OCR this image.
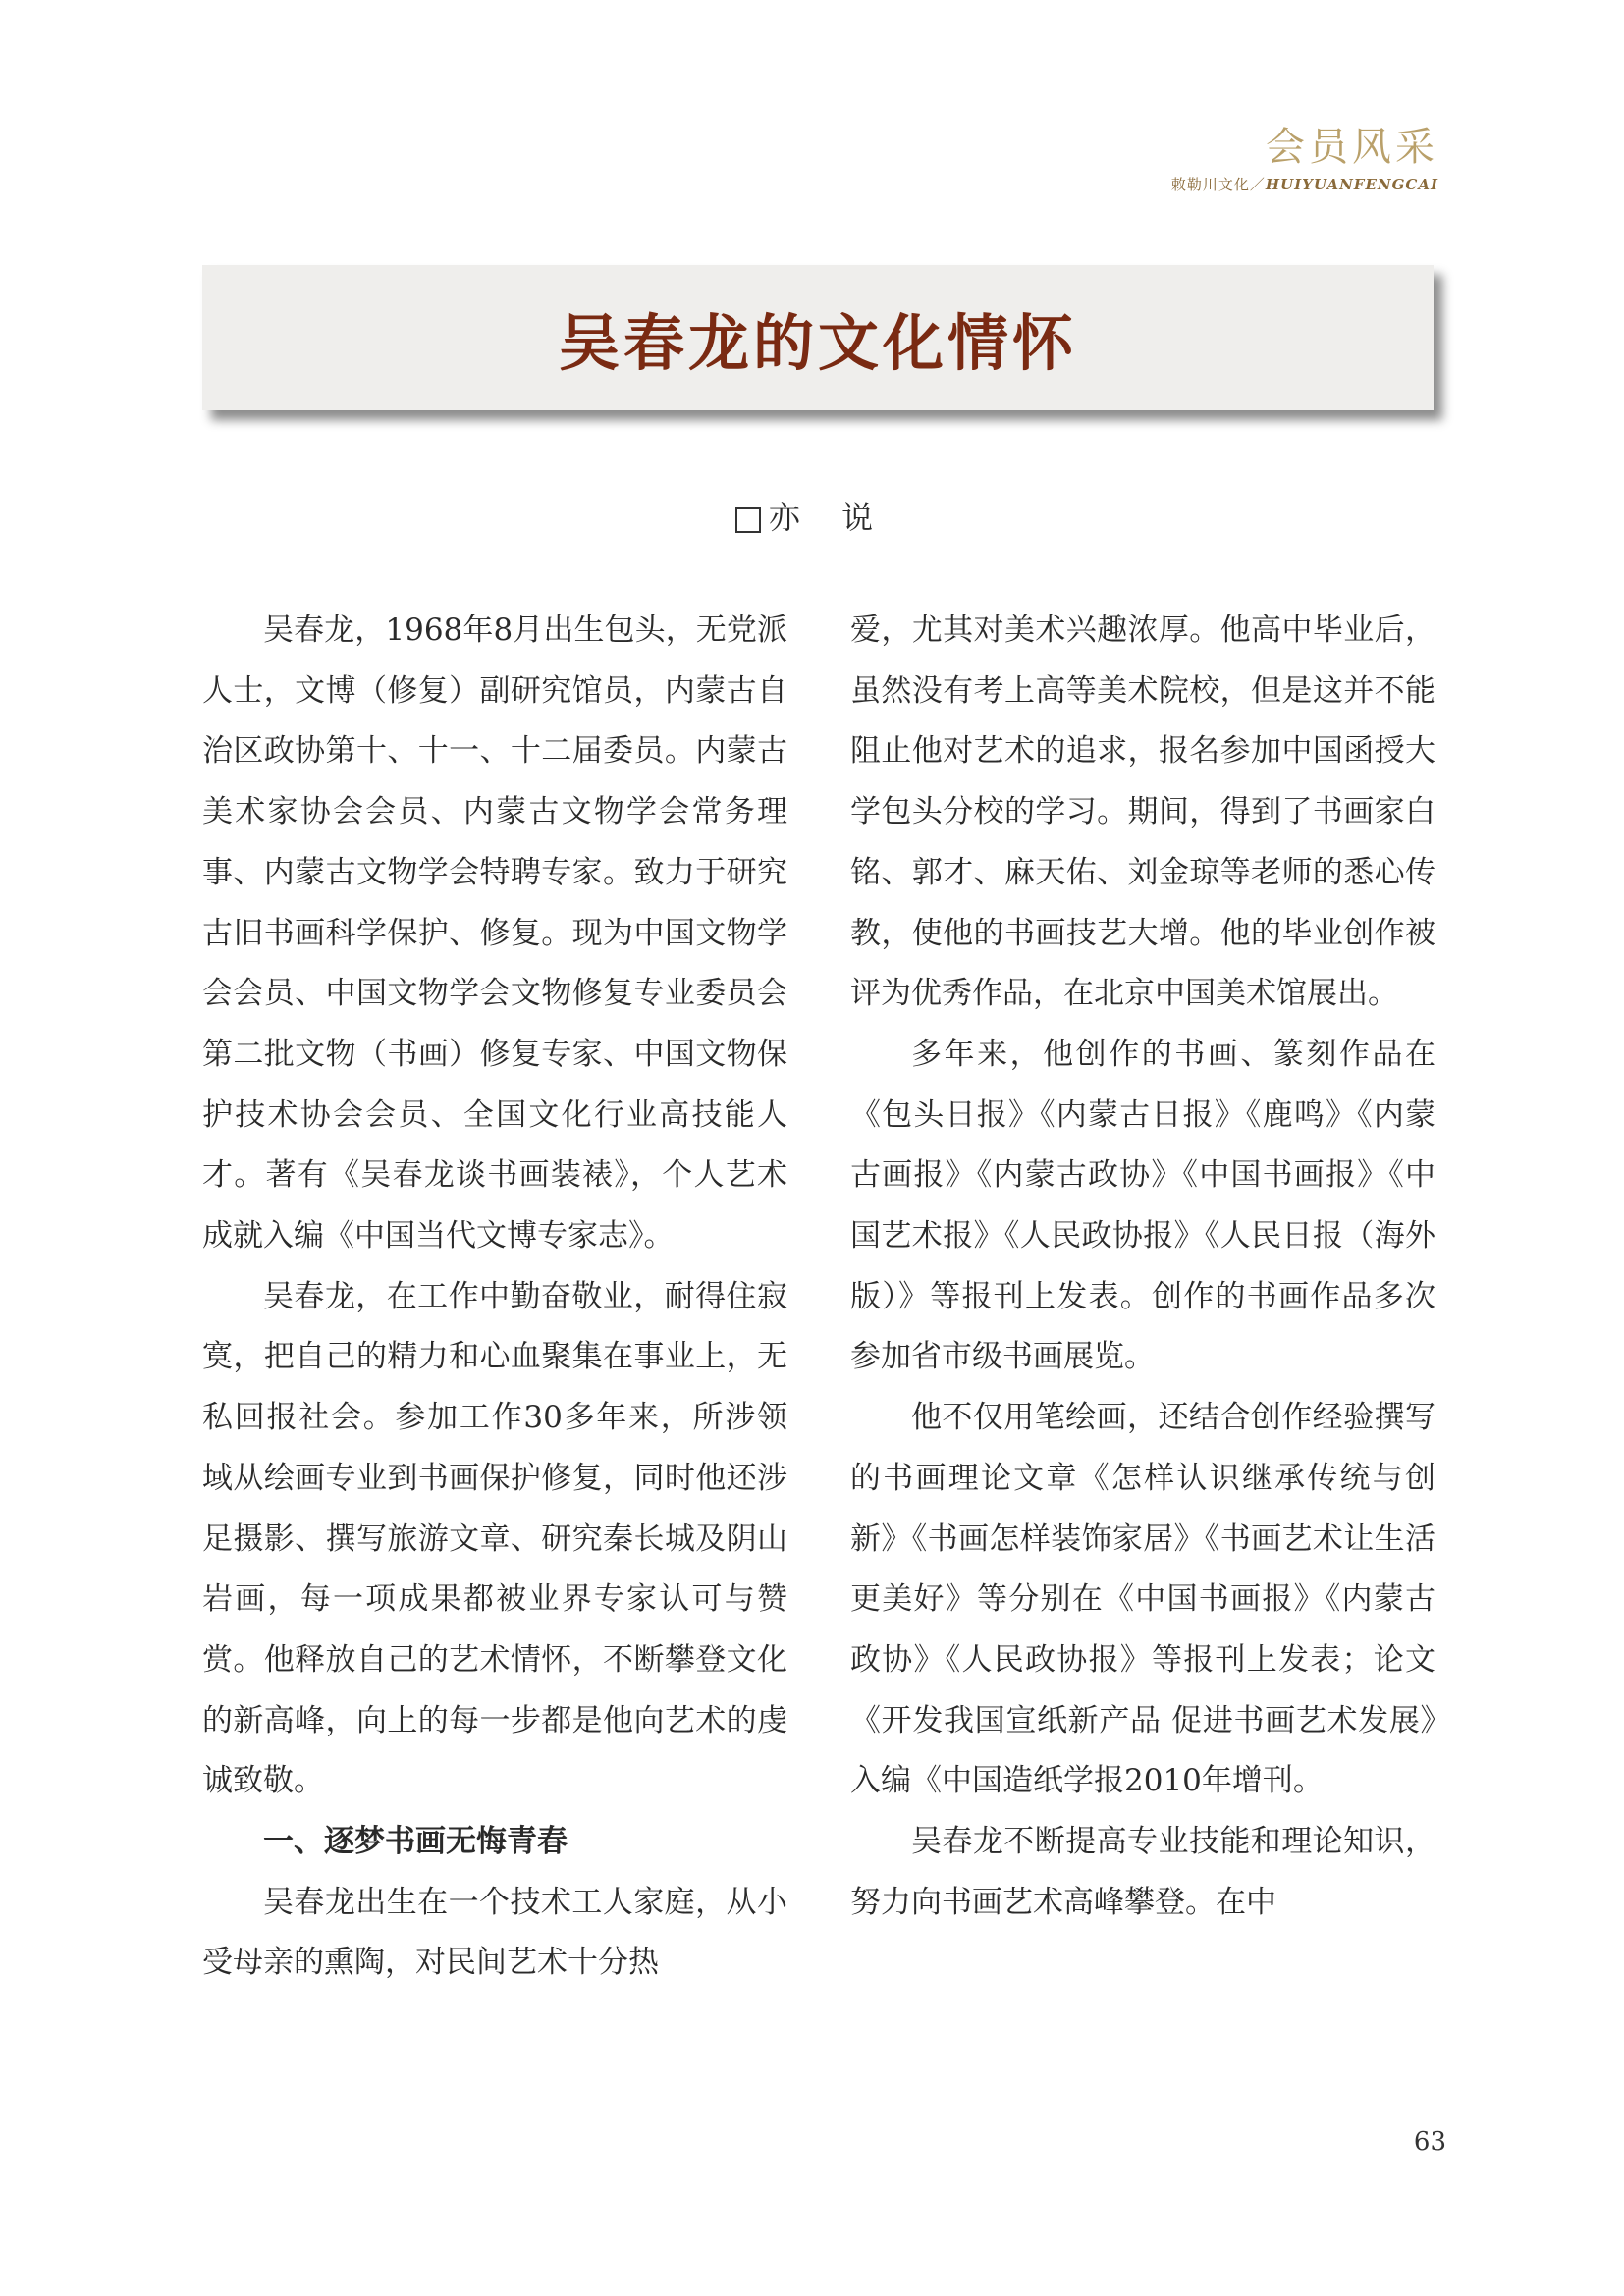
会员风采
敕勒川文化／HUIYUANFENGCAI
吴春龙的文化情怀
亦 说

吴春龙，1968年8月出生包头，无党派人士，文博（修复）副研究馆员，内蒙古自治区政协第十、十一、十二届委员。内蒙古美术家协会会员、内蒙古文物学会常务理事、内蒙古文物学会特聘专家。致力于研究古旧书画科学保护、修复。现为中国文物学会会员、中国文物学会文物修复专业委员会第二批文物（书画）修复专家、中国文物保护技术协会会员、全国文化行业高技能人才。著有《吴春龙谈书画装裱》，个人艺术成就入编《中国当代文博专家志》。

吴春龙，在工作中勤奋敬业，耐得住寂寞，把自己的精力和心血聚集在事业上，无私回报社会。参加工作30多年来，所涉领域从绘画专业到书画保护修复，同时他还涉足摄影、撰写旅游文章、研究秦长城及阴山岩画，每一项成果都被业界专家认可与赞赏。他释放自己的艺术情怀，不断攀登文化的新高峰，向上的每一步都是他向艺术的虔诚致敬。

一、逐梦书画无悔青春

吴春龙出生在一个技术工人家庭，从小受母亲的熏陶，对民间艺术十分热

爱，尤其对美术兴趣浓厚。他高中毕业后，虽然没有考上高等美术院校，但是这并不能阻止他对艺术的追求，报名参加中国函授大学包头分校的学习。期间，得到了书画家白铭、郭才、麻天佑、刘金琼等老师的悉心传教，使他的书画技艺大增。他的毕业创作被评为优秀作品，在北京中国美术馆展出。

多年来，他创作的书画、篆刻作品在《包头日报》《内蒙古日报》《鹿鸣》《内蒙古画报》《内蒙古政协》《中国书画报》《中国艺术报》《人民政协报》《人民日报（海外版）》等报刊上发表。创作的书画作品多次参加省市级书画展览。

他不仅用笔绘画，还结合创作经验撰写的书画理论文章《怎样认识继承传统与创新》《书画怎样装饰家居》《书画艺术让生活更美好》等分别在《中国书画报》《内蒙古政协》《人民政协报》等报刊上发表；论文《开发我国宣纸新产品 促进书画艺术发展》入编《中国造纸学报2010年增刊。

吴春龙不断提高专业技能和理论知识，努力向书画艺术高峰攀登。在中

63
